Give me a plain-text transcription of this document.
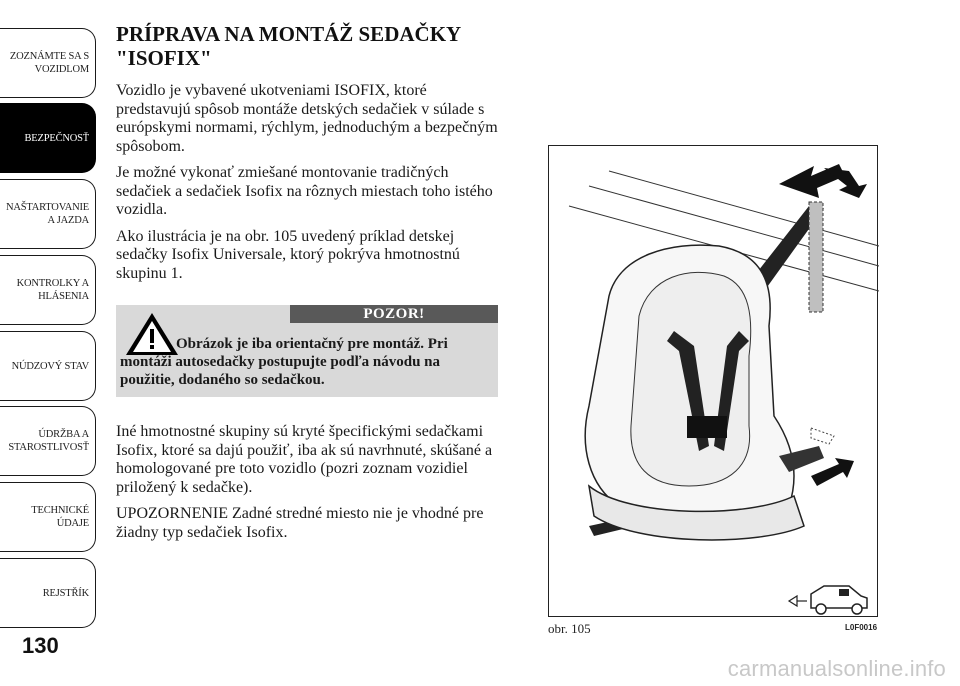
ZOZNÁMTE SA S
VOZIDLOM
BEZPEČNOSŤ
NAŠTARTOVANIE
A JAZDA
KONTROLKY A
HLÁSENIA
NÚDZOVÝ STAV
ÚDRŽBA A
STAROSTLIVOSŤ
TECHNICKÉ
ÚDAJE
REJSTŘÍK
130
PRÍPRAVA NA MONTÁŽ SEDAČKY
"ISOFIX"

Vozidlo je vybavené ukotveniami ISOFIX, ktoré predstavujú spôsob montáže detských sedačiek v súlade s európskymi normami, rýchlym, jednoduchým a bezpečným spôsobom.

Je možné vykonať zmiešané montovanie tradičných sedačiek a sedačiek Isofix na rôznych miestach toho istého vozidla.

Ako ilustrácia je na obr. 105 uvedený príklad detskej sedačky Isofix Universale, ktorý pokrýva hmotnostnú skupinu 1.

POZOR!
Obrázok je iba orientačný pre montáž. Pri montáži autosedačky postupujte podľa návodu na použitie, dodaného so sedačkou.

Iné hmotnostné skupiny sú kryté špecifickými sedačkami Isofix, ktoré sa dajú použiť, iba ak sú navrhnuté, skúšané a homologované pre toto vozidlo (pozri zoznam vozidiel priložený k sedačke).

UPOZORNENIE Zadné stredné miesto nie je vhodné pre žiadny typ sedačiek Isofix.

obr. 105	L0F0016
carmanualsonline.info
